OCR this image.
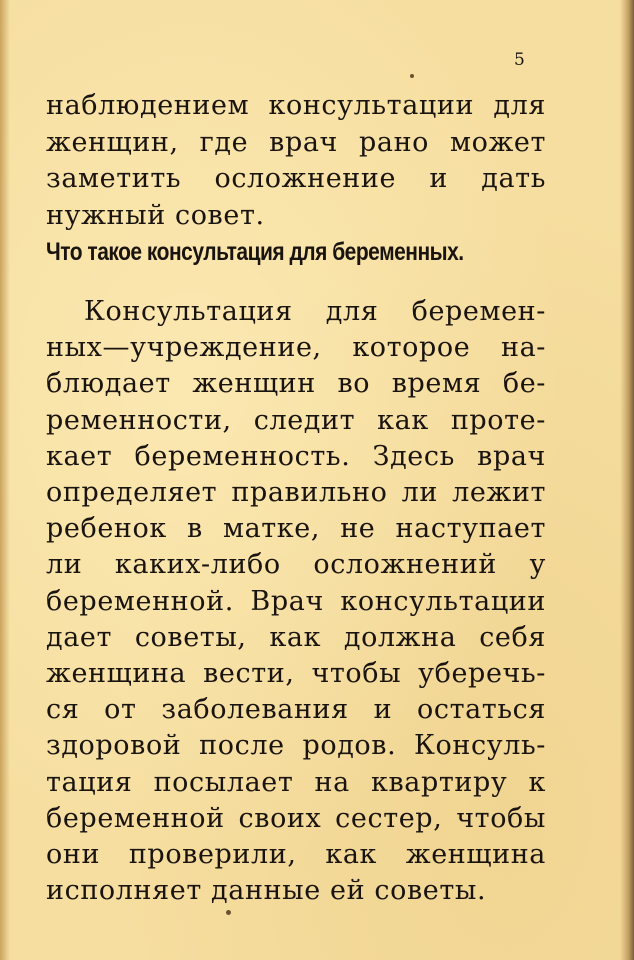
5
наблюдением консультации для
женщин, где врач рано может
заметить осложнение и дать
нужный совет.
Что такое консультация для беременных.
Консультация для беремен-
ных—учреждение, которое на-
блюдает женщин во время бе-
ременности, следит как проте-
кает беременность. Здесь врач
определяет правильно ли лежит
ребенок в матке, не наступает
ли каких-либо осложнений у
беременной. Врач консультации
дает советы, как должна себя
женщина вести, чтобы уберечь-
ся от заболевания и остаться
здоровой после родов. Консуль-
тация посылает на квартиру к
беременной своих сестер, чтобы
они проверили, как женщина
исполняет данные ей советы.
